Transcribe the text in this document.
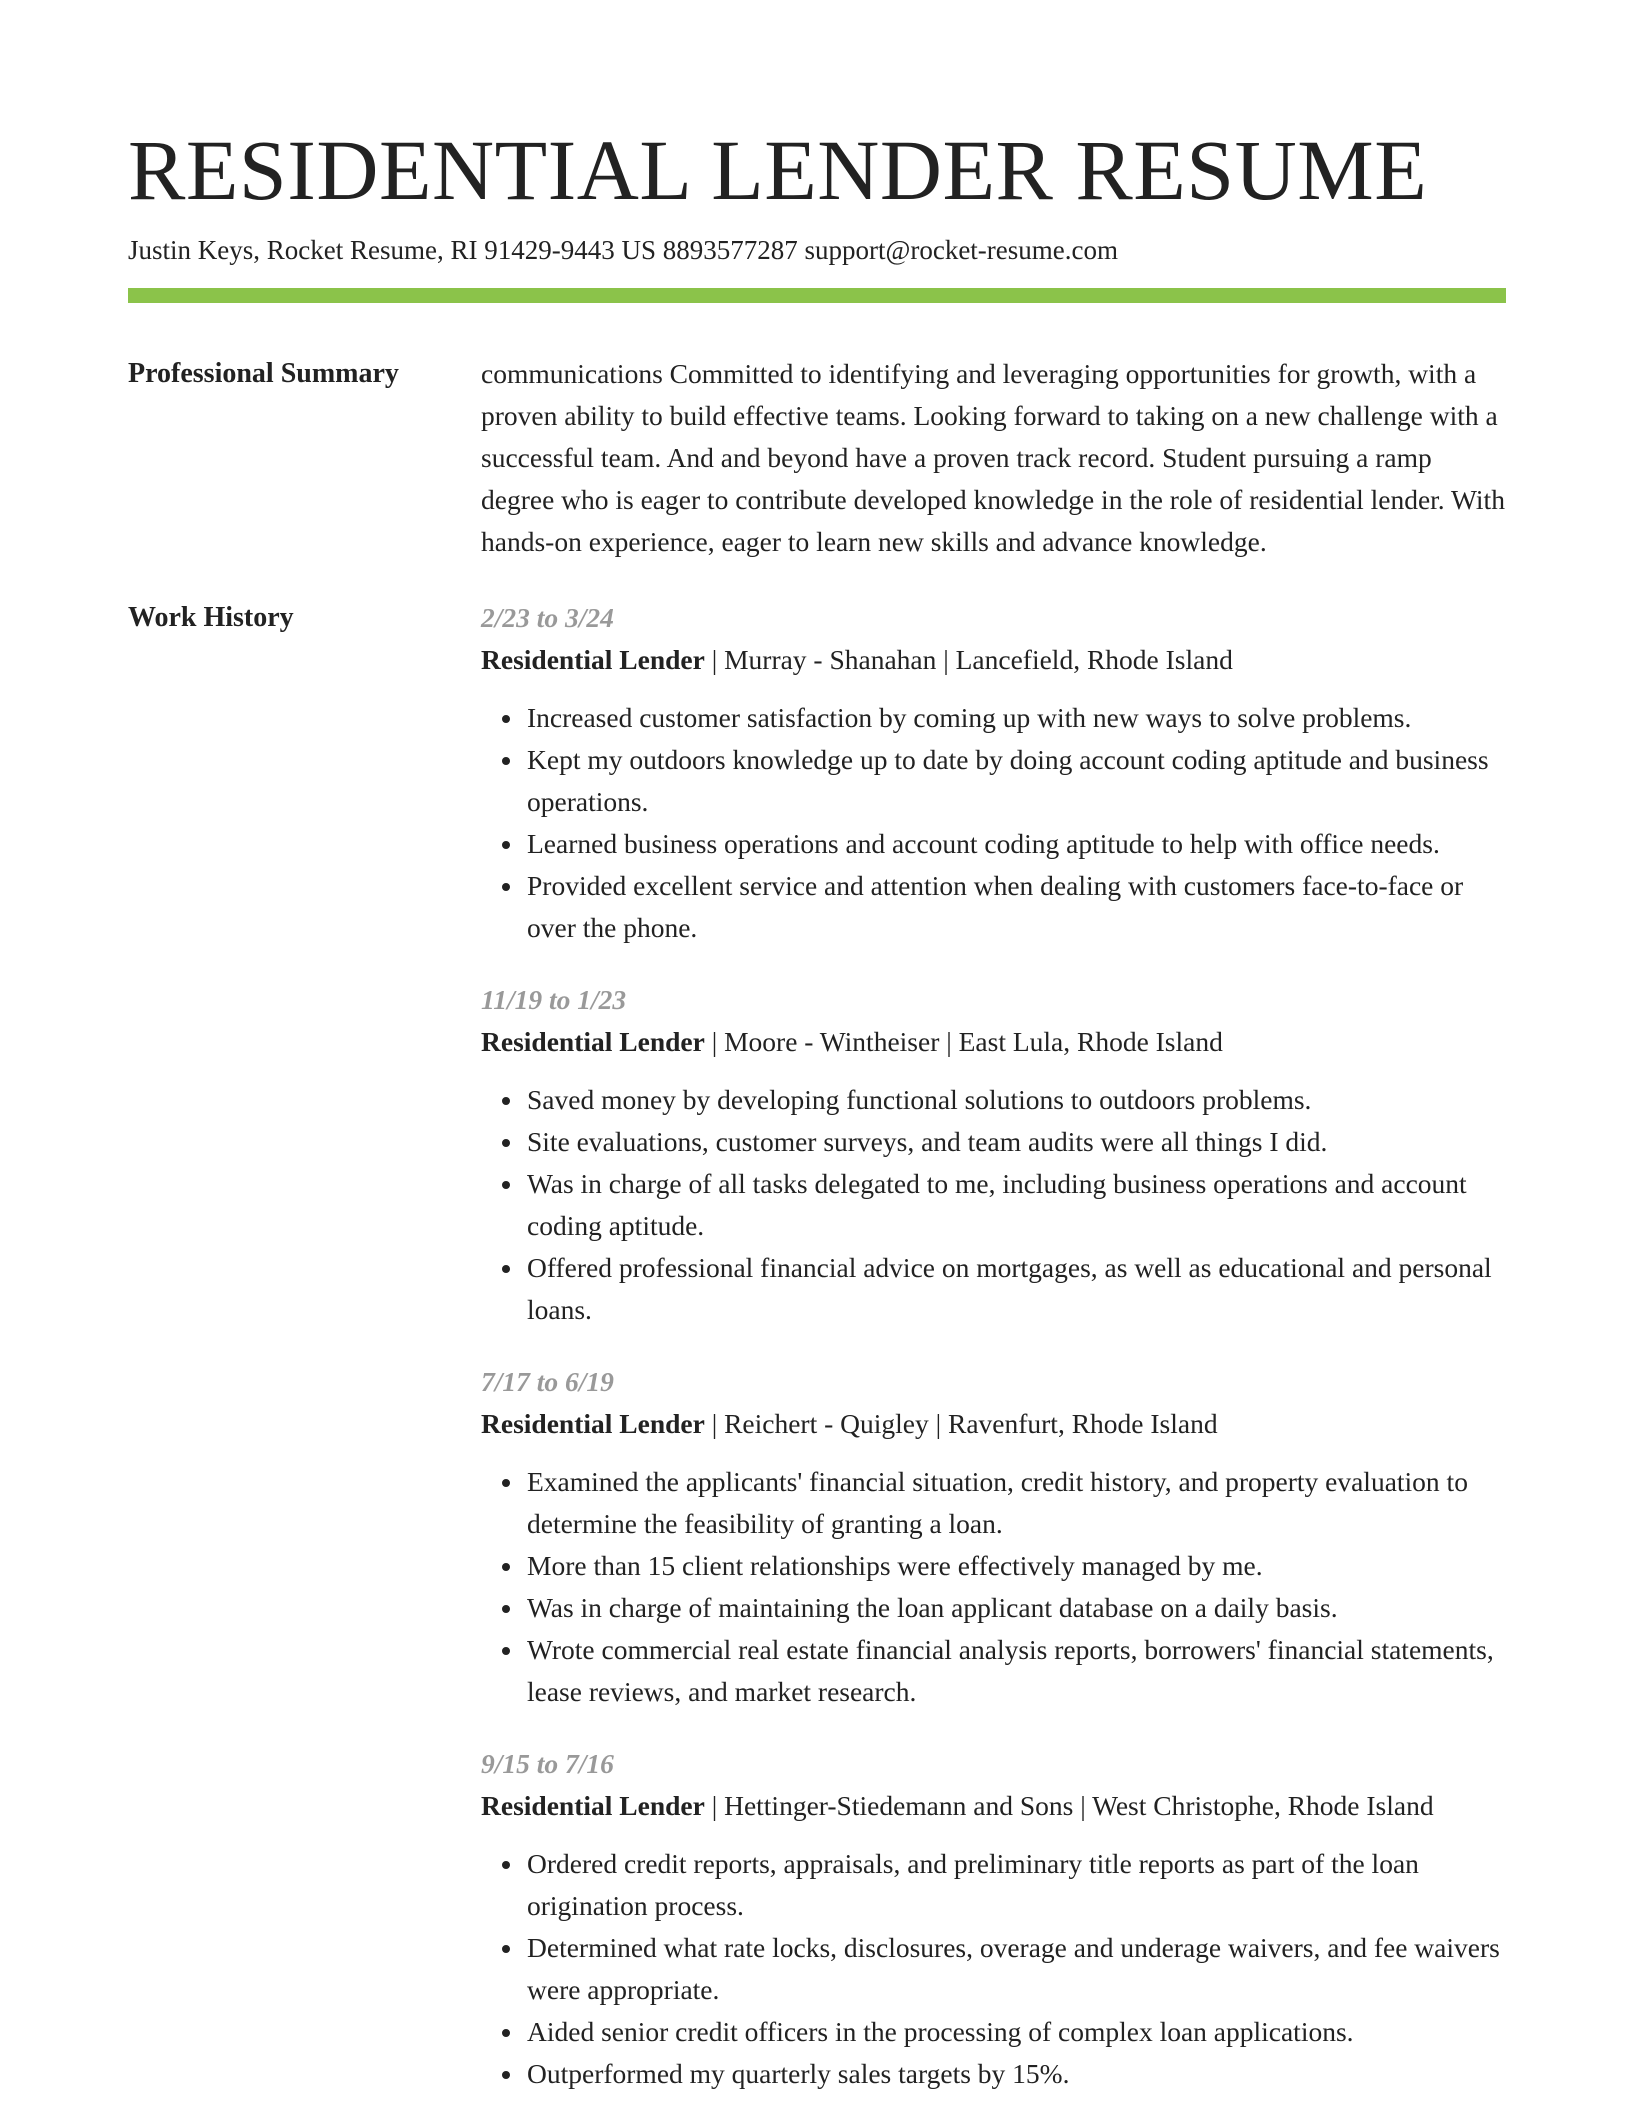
RESIDENTIAL LENDER RESUME
Justin Keys, Rocket Resume, RI 91429-9443 US 8893577287 support@rocket-resume.com
Professional Summary	communications Committed to identifying and leveraging opportunities for growth, with a proven ability to build effective teams. Looking forward to taking on a new challenge with a successful team. And and beyond have a proven track record. Student pursuing a ramp degree who is eager to contribute developed knowledge in the role of residential lender. With hands-on experience, eager to learn new skills and advance knowledge.

Work History	2/23 to 3/24
Residential Lender | Murray - Shanahan | Lancefield, Rhode Island
• Increased customer satisfaction by coming up with new ways to solve problems.
• Kept my outdoors knowledge up to date by doing account coding aptitude and business operations.
• Learned business operations and account coding aptitude to help with office needs.
• Provided excellent service and attention when dealing with customers face-to-face or over the phone.
11/19 to 1/23
Residential Lender | Moore - Wintheiser | East Lula, Rhode Island
• Saved money by developing functional solutions to outdoors problems.
• Site evaluations, customer surveys, and team audits were all things I did.
• Was in charge of all tasks delegated to me, including business operations and account coding aptitude.
• Offered professional financial advice on mortgages, as well as educational and personal loans.
7/17 to 6/19
Residential Lender | Reichert - Quigley | Ravenfurt, Rhode Island
• Examined the applicants' financial situation, credit history, and property evaluation to determine the feasibility of granting a loan.
• More than 15 client relationships were effectively managed by me.
• Was in charge of maintaining the loan applicant database on a daily basis.
• Wrote commercial real estate financial analysis reports, borrowers' financial statements, lease reviews, and market research.
9/15 to 7/16
Residential Lender | Hettinger-Stiedemann and Sons | West Christophe, Rhode Island
• Ordered credit reports, appraisals, and preliminary title reports as part of the loan origination process.
• Determined what rate locks, disclosures, overage and underage waivers, and fee waivers were appropriate.
• Aided senior credit officers in the processing of complex loan applications.
• Outperformed my quarterly sales targets by 15%.
